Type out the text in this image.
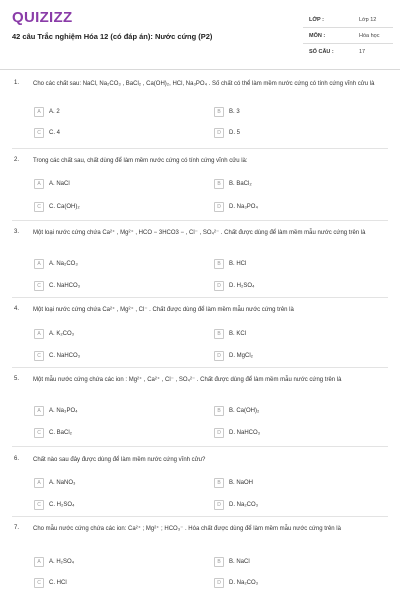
QUIZIZZ
42 câu Trắc nghiệm Hóa 12 (có đáp án): Nước cứng (P2)
LỚP :	Lớp 12
MÔN :	Hóa học
SỐ CÂU :	17
1. Cho các chất sau: NaCl, Na₂CO₃ , BaCl₂ , Ca(OH)₂, HCl, Na₃PO₄ . Số chất có thể làm mềm nước cứng có tính cứng vĩnh cửu là
A	A. 2	B	B. 3
C	C. 4	D	D. 5
2. Trong các chất sau, chất dùng để làm mềm nước cứng có tính cứng vĩnh cửu là:
A	A. NaCl	B	B. BaCl₂
C	C. Ca(OH)₂	D	D. Na₃PO₄
3. Một loại nước cứng chứa Ca²⁺ , Mg²⁺ , HCO − 3HCO3 − , Cl⁻ , SO₄²⁻ . Chất được dùng để làm mềm mẫu nước cứng trên là
A	A. Na₂CO₃	B	B. HCl
C	C. NaHCO₃	D	D. H₂SO₄
4. Một loại nước cứng chứa Ca²⁺ , Mg²⁺ , Cl⁻ . Chất được dùng để làm mềm mẫu nước cứng trên là
A	A. K₂CO₃	B	B. KCl
C	C. NaHCO₃	D	D. MgCl₂
5. Một mẫu nước cứng chứa các ion : Mg²⁺ , Ca²⁺ , Cl⁻ , SO₄²⁻ . Chất được dùng để làm mềm mẫu nước cứng trên là
A	A. Na₃PO₄	B	B. Ca(OH)₂
C	C. BaCl₂	D	D. NaHCO₃
6. Chất nào sau đây được dùng để làm mềm nước cứng vĩnh cửu?
A	A. NaNO₃	B	B. NaOH
C	C. H₂SO₄	D	D. Na₂CO₃
7. Cho mẫu nước cứng chứa các ion: Ca²⁺ ; Mg²⁺ ; HCO₃⁻ . Hóa chất được dùng để làm mềm mẫu nước cứng trên là
A	A. H₂SO₄	B	B. NaCl
C	C. HCl	D	D. Na₂CO₃
